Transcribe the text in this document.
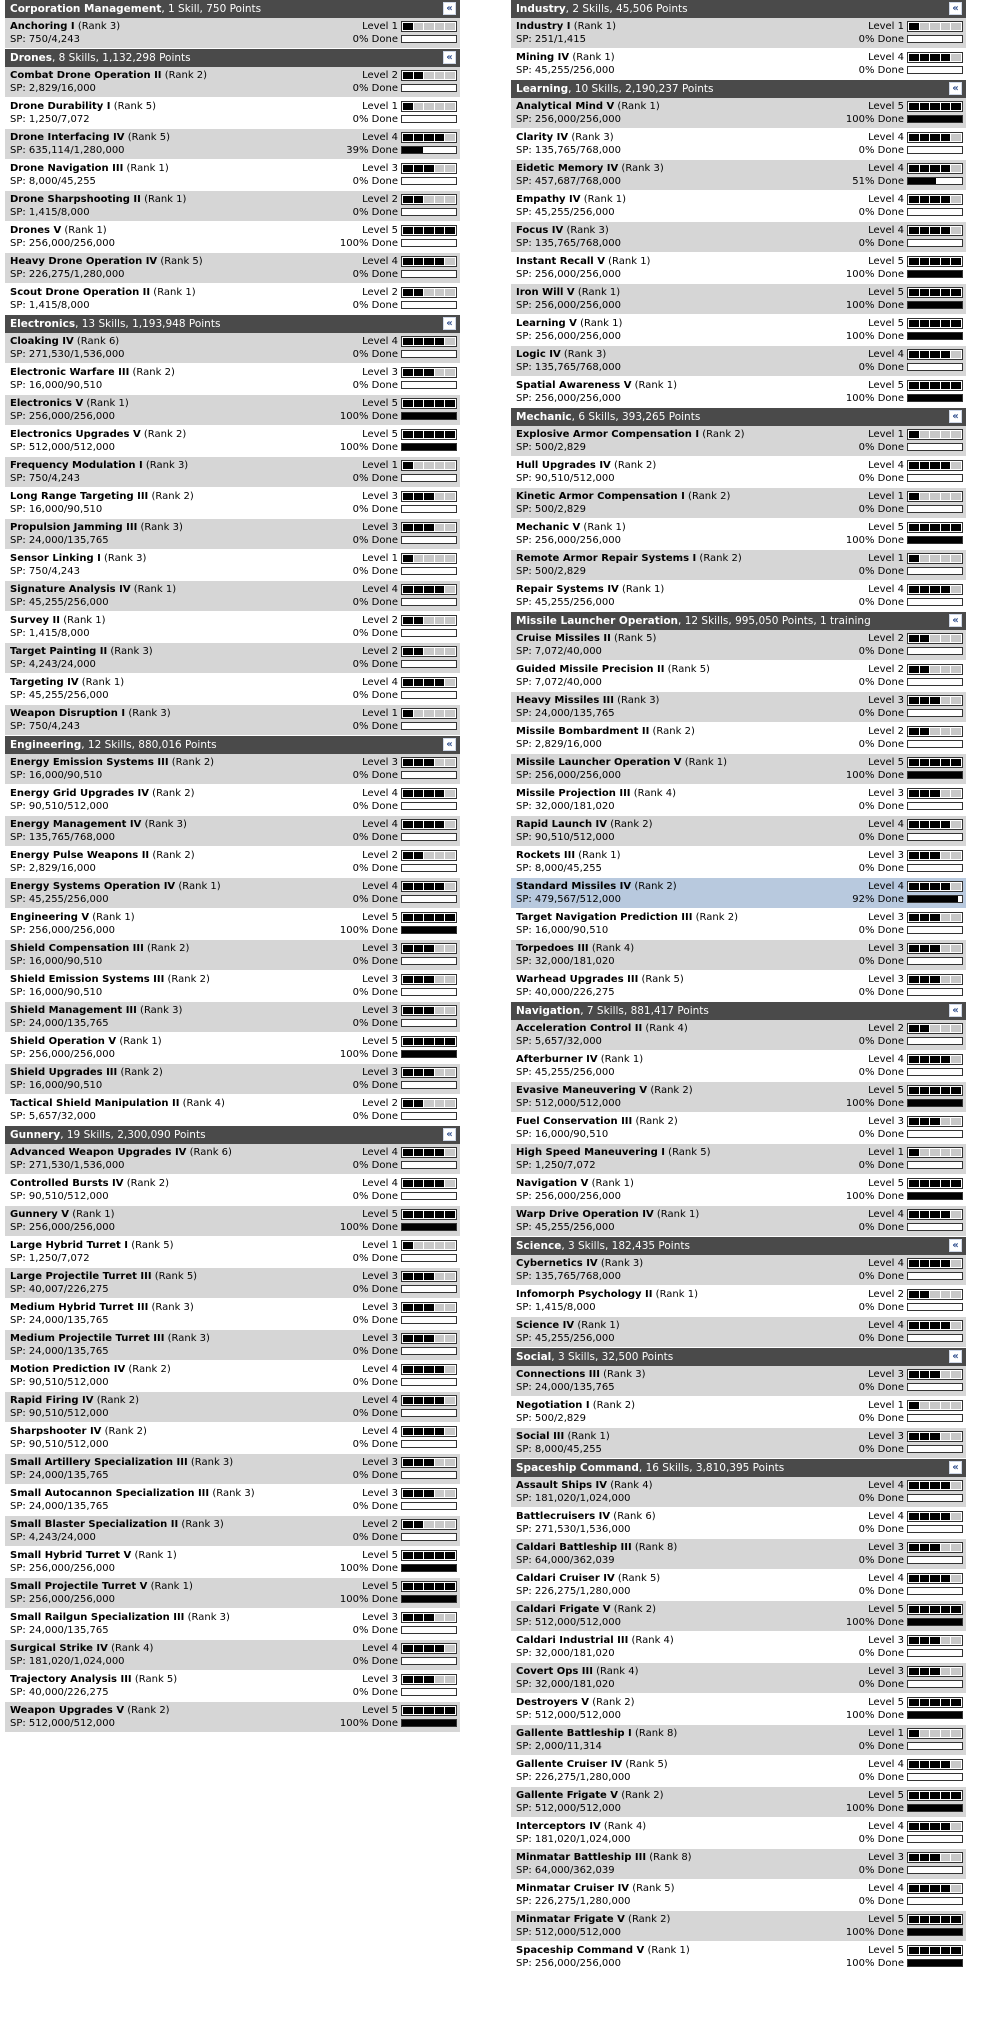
Corporation Management, 1 Skill, 750 Points	«
Anchoring I (Rank 3)
SP: 750/4,243
Level 1
0% Done
Drones, 8 Skills, 1,132,298 Points	«
Combat Drone Operation II (Rank 2)
SP: 2,829/16,000
Level 2
0% Done
Drone Durability I (Rank 5)
SP: 1,250/7,072
Level 1
0% Done
Drone Interfacing IV (Rank 5)
SP: 635,114/1,280,000
Level 4
39% Done
Drone Navigation III (Rank 1)
SP: 8,000/45,255
Level 3
0% Done
Drone Sharpshooting II (Rank 1)
SP: 1,415/8,000
Level 2
0% Done
Drones V (Rank 1)
SP: 256,000/256,000
Level 5
100% Done
Heavy Drone Operation IV (Rank 5)
SP: 226,275/1,280,000
Level 4
0% Done
Scout Drone Operation II (Rank 1)
SP: 1,415/8,000
Level 2
0% Done
Electronics, 13 Skills, 1,193,948 Points	«
Cloaking IV (Rank 6)
SP: 271,530/1,536,000
Level 4
0% Done
Electronic Warfare III (Rank 2)
SP: 16,000/90,510
Level 3
0% Done
Electronics V (Rank 1)
SP: 256,000/256,000
Level 5
100% Done
Electronics Upgrades V (Rank 2)
SP: 512,000/512,000
Level 5
100% Done
Frequency Modulation I (Rank 3)
SP: 750/4,243
Level 1
0% Done
Long Range Targeting III (Rank 2)
SP: 16,000/90,510
Level 3
0% Done
Propulsion Jamming III (Rank 3)
SP: 24,000/135,765
Level 3
0% Done
Sensor Linking I (Rank 3)
SP: 750/4,243
Level 1
0% Done
Signature Analysis IV (Rank 1)
SP: 45,255/256,000
Level 4
0% Done
Survey II (Rank 1)
SP: 1,415/8,000
Level 2
0% Done
Target Painting II (Rank 3)
SP: 4,243/24,000
Level 2
0% Done
Targeting IV (Rank 1)
SP: 45,255/256,000
Level 4
0% Done
Weapon Disruption I (Rank 3)
SP: 750/4,243
Level 1
0% Done
Engineering, 12 Skills, 880,016 Points	«
Energy Emission Systems III (Rank 2)
SP: 16,000/90,510
Level 3
0% Done
Energy Grid Upgrades IV (Rank 2)
SP: 90,510/512,000
Level 4
0% Done
Energy Management IV (Rank 3)
SP: 135,765/768,000
Level 4
0% Done
Energy Pulse Weapons II (Rank 2)
SP: 2,829/16,000
Level 2
0% Done
Energy Systems Operation IV (Rank 1)
SP: 45,255/256,000
Level 4
0% Done
Engineering V (Rank 1)
SP: 256,000/256,000
Level 5
100% Done
Shield Compensation III (Rank 2)
SP: 16,000/90,510
Level 3
0% Done
Shield Emission Systems III (Rank 2)
SP: 16,000/90,510
Level 3
0% Done
Shield Management III (Rank 3)
SP: 24,000/135,765
Level 3
0% Done
Shield Operation V (Rank 1)
SP: 256,000/256,000
Level 5
100% Done
Shield Upgrades III (Rank 2)
SP: 16,000/90,510
Level 3
0% Done
Tactical Shield Manipulation II (Rank 4)
SP: 5,657/32,000
Level 2
0% Done
Gunnery, 19 Skills, 2,300,090 Points	«
Advanced Weapon Upgrades IV (Rank 6)
SP: 271,530/1,536,000
Level 4
0% Done
Controlled Bursts IV (Rank 2)
SP: 90,510/512,000
Level 4
0% Done
Gunnery V (Rank 1)
SP: 256,000/256,000
Level 5
100% Done
Large Hybrid Turret I (Rank 5)
SP: 1,250/7,072
Level 1
0% Done
Large Projectile Turret III (Rank 5)
SP: 40,007/226,275
Level 3
0% Done
Medium Hybrid Turret III (Rank 3)
SP: 24,000/135,765
Level 3
0% Done
Medium Projectile Turret III (Rank 3)
SP: 24,000/135,765
Level 3
0% Done
Motion Prediction IV (Rank 2)
SP: 90,510/512,000
Level 4
0% Done
Rapid Firing IV (Rank 2)
SP: 90,510/512,000
Level 4
0% Done
Sharpshooter IV (Rank 2)
SP: 90,510/512,000
Level 4
0% Done
Small Artillery Specialization III (Rank 3)
SP: 24,000/135,765
Level 3
0% Done
Small Autocannon Specialization III (Rank 3)
SP: 24,000/135,765
Level 3
0% Done
Small Blaster Specialization II (Rank 3)
SP: 4,243/24,000
Level 2
0% Done
Small Hybrid Turret V (Rank 1)
SP: 256,000/256,000
Level 5
100% Done
Small Projectile Turret V (Rank 1)
SP: 256,000/256,000
Level 5
100% Done
Small Railgun Specialization III (Rank 3)
SP: 24,000/135,765
Level 3
0% Done
Surgical Strike IV (Rank 4)
SP: 181,020/1,024,000
Level 4
0% Done
Trajectory Analysis III (Rank 5)
SP: 40,000/226,275
Level 3
0% Done
Weapon Upgrades V (Rank 2)
SP: 512,000/512,000
Level 5
100% Done
Industry, 2 Skills, 45,506 Points	«
Industry I (Rank 1)
SP: 251/1,415
Level 1
0% Done
Mining IV (Rank 1)
SP: 45,255/256,000
Level 4
0% Done
Learning, 10 Skills, 2,190,237 Points	«
Analytical Mind V (Rank 1)
SP: 256,000/256,000
Level 5
100% Done
Clarity IV (Rank 3)
SP: 135,765/768,000
Level 4
0% Done
Eidetic Memory IV (Rank 3)
SP: 457,687/768,000
Level 4
51% Done
Empathy IV (Rank 1)
SP: 45,255/256,000
Level 4
0% Done
Focus IV (Rank 3)
SP: 135,765/768,000
Level 4
0% Done
Instant Recall V (Rank 1)
SP: 256,000/256,000
Level 5
100% Done
Iron Will V (Rank 1)
SP: 256,000/256,000
Level 5
100% Done
Learning V (Rank 1)
SP: 256,000/256,000
Level 5
100% Done
Logic IV (Rank 3)
SP: 135,765/768,000
Level 4
0% Done
Spatial Awareness V (Rank 1)
SP: 256,000/256,000
Level 5
100% Done
Mechanic, 6 Skills, 393,265 Points	«
Explosive Armor Compensation I (Rank 2)
SP: 500/2,829
Level 1
0% Done
Hull Upgrades IV (Rank 2)
SP: 90,510/512,000
Level 4
0% Done
Kinetic Armor Compensation I (Rank 2)
SP: 500/2,829
Level 1
0% Done
Mechanic V (Rank 1)
SP: 256,000/256,000
Level 5
100% Done
Remote Armor Repair Systems I (Rank 2)
SP: 500/2,829
Level 1
0% Done
Repair Systems IV (Rank 1)
SP: 45,255/256,000
Level 4
0% Done
Missile Launcher Operation, 12 Skills, 995,050 Points, 1 training	«
Cruise Missiles II (Rank 5)
SP: 7,072/40,000
Level 2
0% Done
Guided Missile Precision II (Rank 5)
SP: 7,072/40,000
Level 2
0% Done
Heavy Missiles III (Rank 3)
SP: 24,000/135,765
Level 3
0% Done
Missile Bombardment II (Rank 2)
SP: 2,829/16,000
Level 2
0% Done
Missile Launcher Operation V (Rank 1)
SP: 256,000/256,000
Level 5
100% Done
Missile Projection III (Rank 4)
SP: 32,000/181,020
Level 3
0% Done
Rapid Launch IV (Rank 2)
SP: 90,510/512,000
Level 4
0% Done
Rockets III (Rank 1)
SP: 8,000/45,255
Level 3
0% Done
Standard Missiles IV (Rank 2)
SP: 479,567/512,000
Level 4
92% Done
Target Navigation Prediction III (Rank 2)
SP: 16,000/90,510
Level 3
0% Done
Torpedoes III (Rank 4)
SP: 32,000/181,020
Level 3
0% Done
Warhead Upgrades III (Rank 5)
SP: 40,000/226,275
Level 3
0% Done
Navigation, 7 Skills, 881,417 Points	«
Acceleration Control II (Rank 4)
SP: 5,657/32,000
Level 2
0% Done
Afterburner IV (Rank 1)
SP: 45,255/256,000
Level 4
0% Done
Evasive Maneuvering V (Rank 2)
SP: 512,000/512,000
Level 5
100% Done
Fuel Conservation III (Rank 2)
SP: 16,000/90,510
Level 3
0% Done
High Speed Maneuvering I (Rank 5)
SP: 1,250/7,072
Level 1
0% Done
Navigation V (Rank 1)
SP: 256,000/256,000
Level 5
100% Done
Warp Drive Operation IV (Rank 1)
SP: 45,255/256,000
Level 4
0% Done
Science, 3 Skills, 182,435 Points	«
Cybernetics IV (Rank 3)
SP: 135,765/768,000
Level 4
0% Done
Infomorph Psychology II (Rank 1)
SP: 1,415/8,000
Level 2
0% Done
Science IV (Rank 1)
SP: 45,255/256,000
Level 4
0% Done
Social, 3 Skills, 32,500 Points	«
Connections III (Rank 3)
SP: 24,000/135,765
Level 3
0% Done
Negotiation I (Rank 2)
SP: 500/2,829
Level 1
0% Done
Social III (Rank 1)
SP: 8,000/45,255
Level 3
0% Done
Spaceship Command, 16 Skills, 3,810,395 Points	«
Assault Ships IV (Rank 4)
SP: 181,020/1,024,000
Level 4
0% Done
Battlecruisers IV (Rank 6)
SP: 271,530/1,536,000
Level 4
0% Done
Caldari Battleship III (Rank 8)
SP: 64,000/362,039
Level 3
0% Done
Caldari Cruiser IV (Rank 5)
SP: 226,275/1,280,000
Level 4
0% Done
Caldari Frigate V (Rank 2)
SP: 512,000/512,000
Level 5
100% Done
Caldari Industrial III (Rank 4)
SP: 32,000/181,020
Level 3
0% Done
Covert Ops III (Rank 4)
SP: 32,000/181,020
Level 3
0% Done
Destroyers V (Rank 2)
SP: 512,000/512,000
Level 5
100% Done
Gallente Battleship I (Rank 8)
SP: 2,000/11,314
Level 1
0% Done
Gallente Cruiser IV (Rank 5)
SP: 226,275/1,280,000
Level 4
0% Done
Gallente Frigate V (Rank 2)
SP: 512,000/512,000
Level 5
100% Done
Interceptors IV (Rank 4)
SP: 181,020/1,024,000
Level 4
0% Done
Minmatar Battleship III (Rank 8)
SP: 64,000/362,039
Level 3
0% Done
Minmatar Cruiser IV (Rank 5)
SP: 226,275/1,280,000
Level 4
0% Done
Minmatar Frigate V (Rank 2)
SP: 512,000/512,000
Level 5
100% Done
Spaceship Command V (Rank 1)
SP: 256,000/256,000
Level 5
100% Done
